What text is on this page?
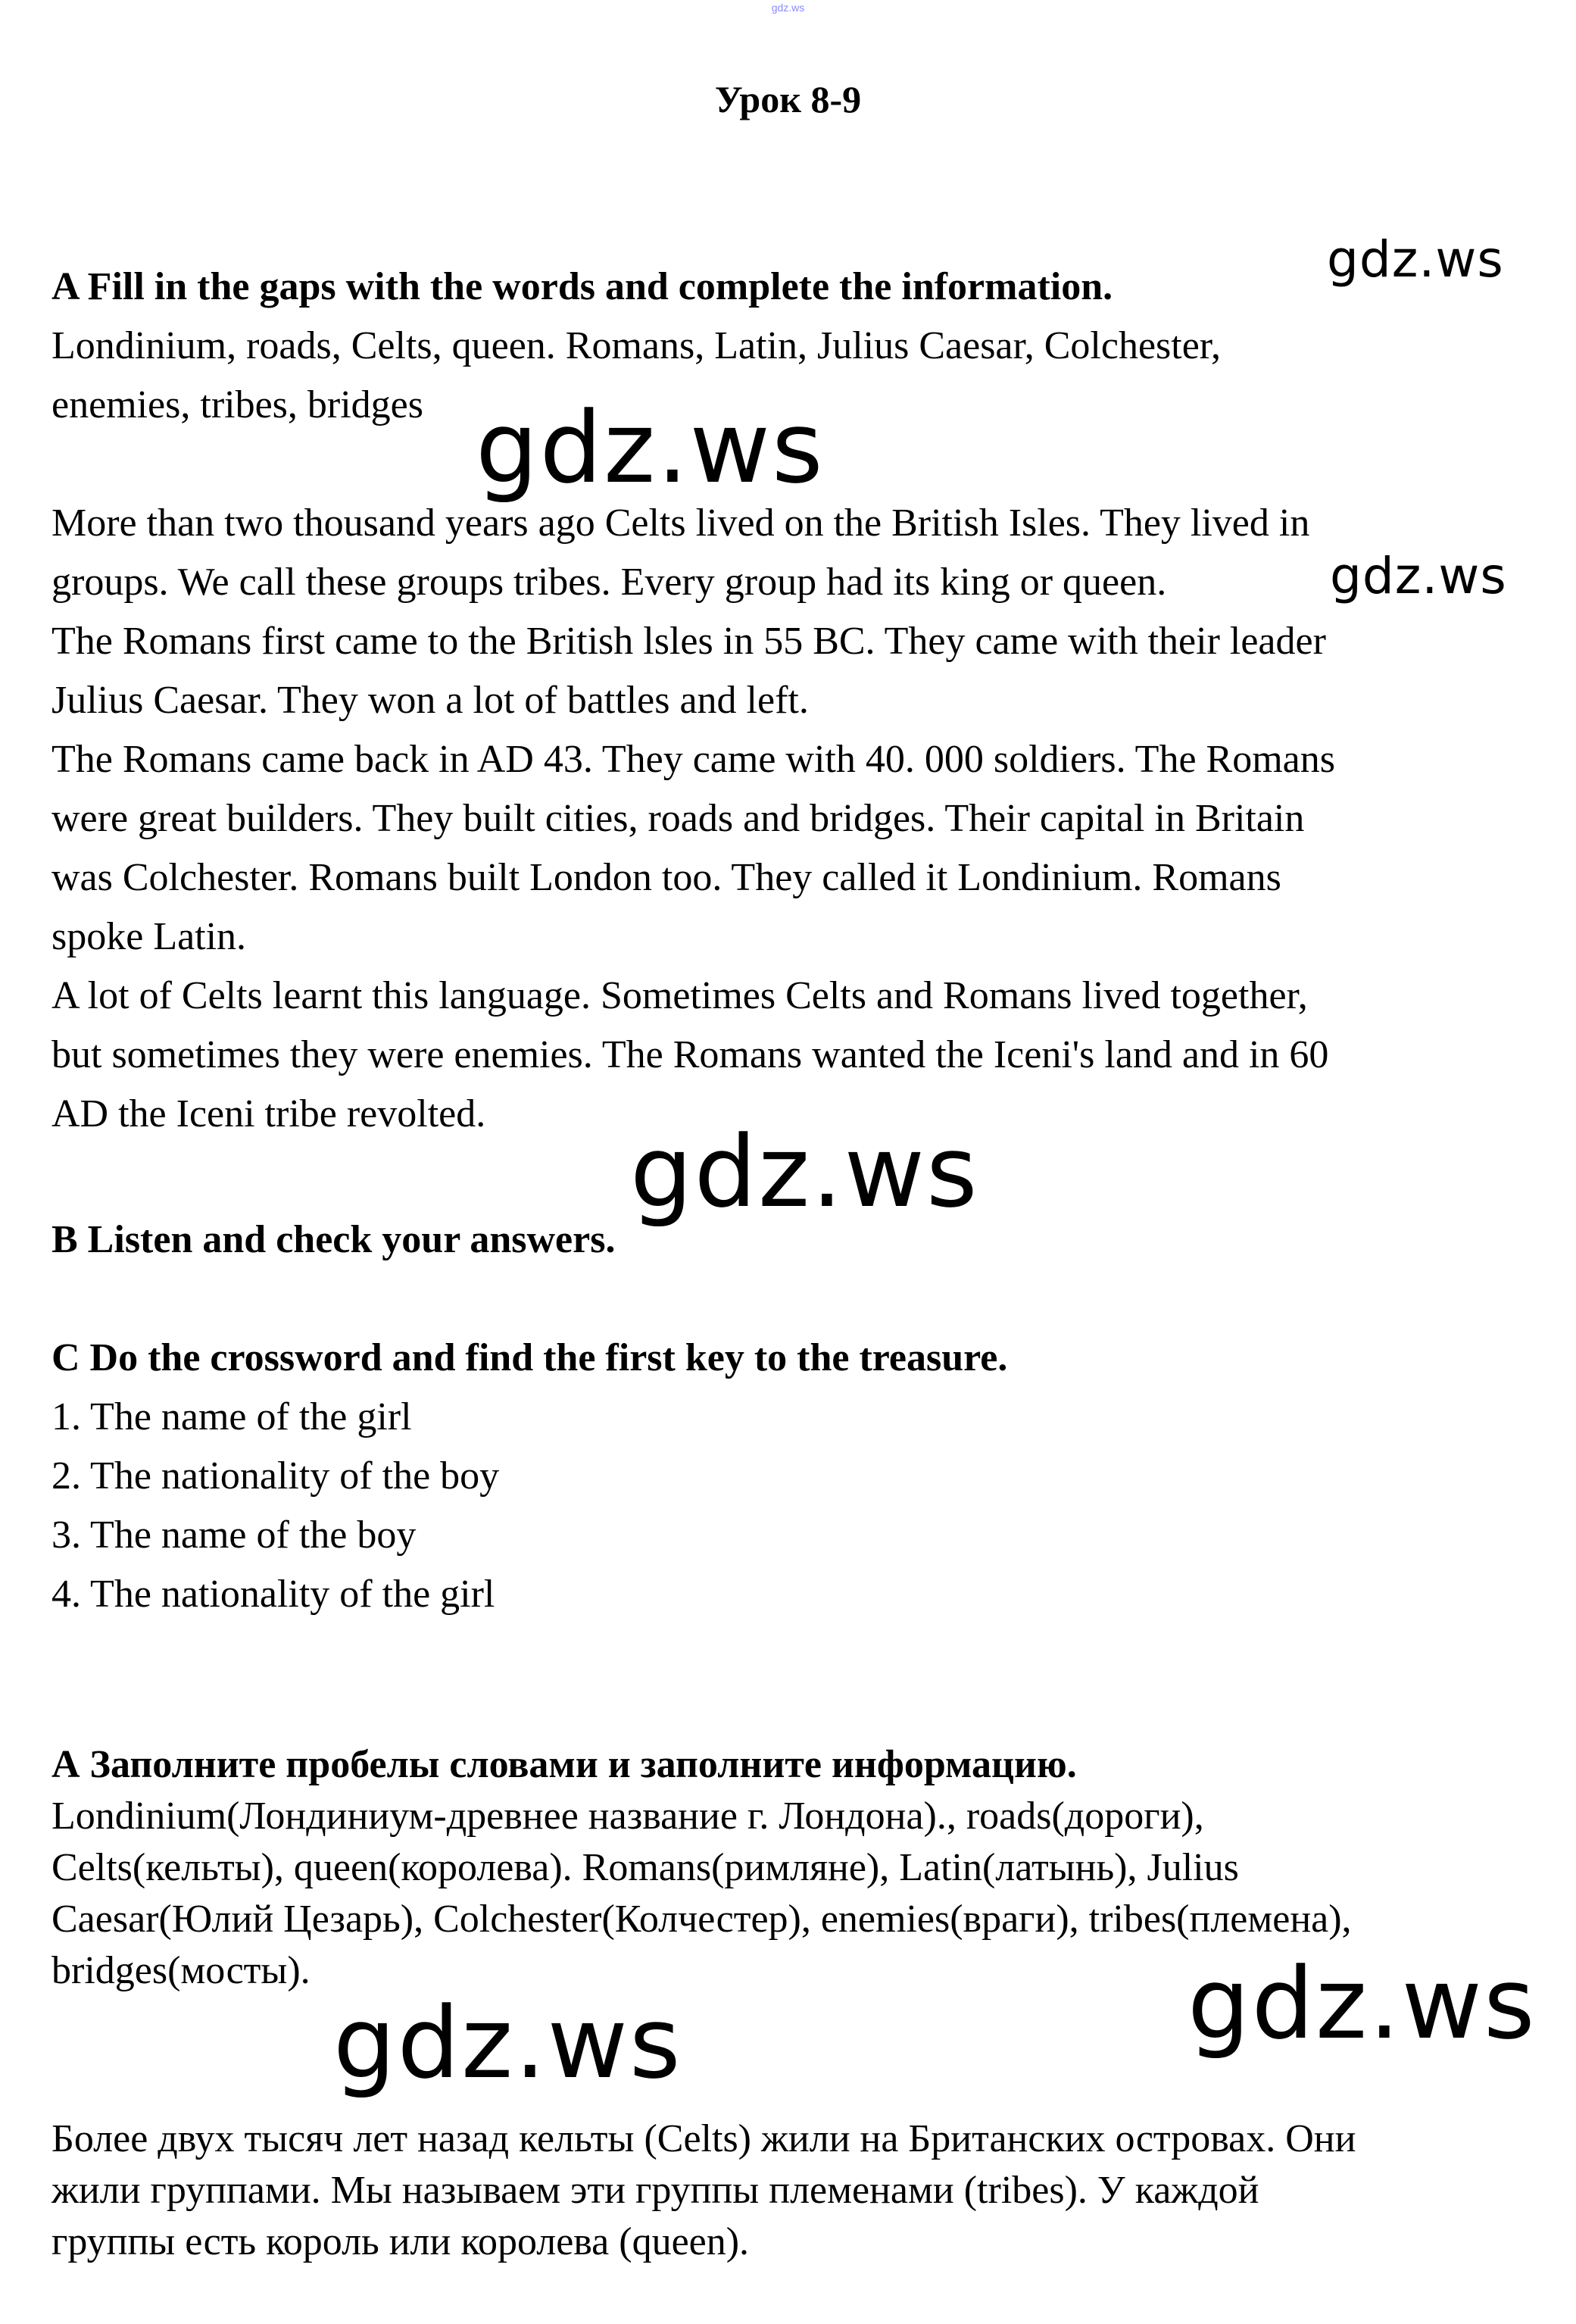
gdz.ws
Урок 8-9
A Fill in the gaps with the words and complete the information.
Londinium, roads, Celts, queen. Romans, Latin, Julius Caesar, Colchester,
enemies, tribes, bridges
More than two thousand years ago Celts lived on the British Isles. They lived in
groups. We call these groups tribes. Every group had its king or queen.
The Romans first came to the British lsles in 55 BC. They came with their leader
Julius Caesar. They won a lot of battles and left.
The Romans came back in AD 43. They came with 40. 000 soldiers. The Romans
were great builders. They built cities, roads and bridges. Their capital in Britain
was Colchester. Romans built London too. They called it Londinium. Romans
spoke Latin.
A lot of Celts learnt this language. Sometimes Celts and Romans lived together,
but sometimes they were enemies. The Romans wanted the Iceni's land and in 60
AD the Iceni tribe revolted.
B Listen and check your answers.
C Do the crossword and find the first key to the treasure.
1. The name of the girl
2. The nationality of the boy
3. The name of the boy
4. The nationality of the girl
А Заполните пробелы словами и заполните информацию.
Londinium(Лондиниум-древнее название г. Лондона)., roads(дороги),
Celts(кельты), queen(королева). Romans(римляне), Latin(латынь), Julius
Caesar(Юлий Цезарь), Colchester(Колчестер), enemies(враги), tribes(племена),
bridges(мосты).
Более двух тысяч лет назад кельты (Celts) жили на Британских островах. Они
жили группами. Мы называем эти группы племенами (tribes). У каждой
группы есть король или королева (queen).
gdz.ws
gdz.ws
gdz.ws
gdz.ws
gdz.ws
gdz.ws
